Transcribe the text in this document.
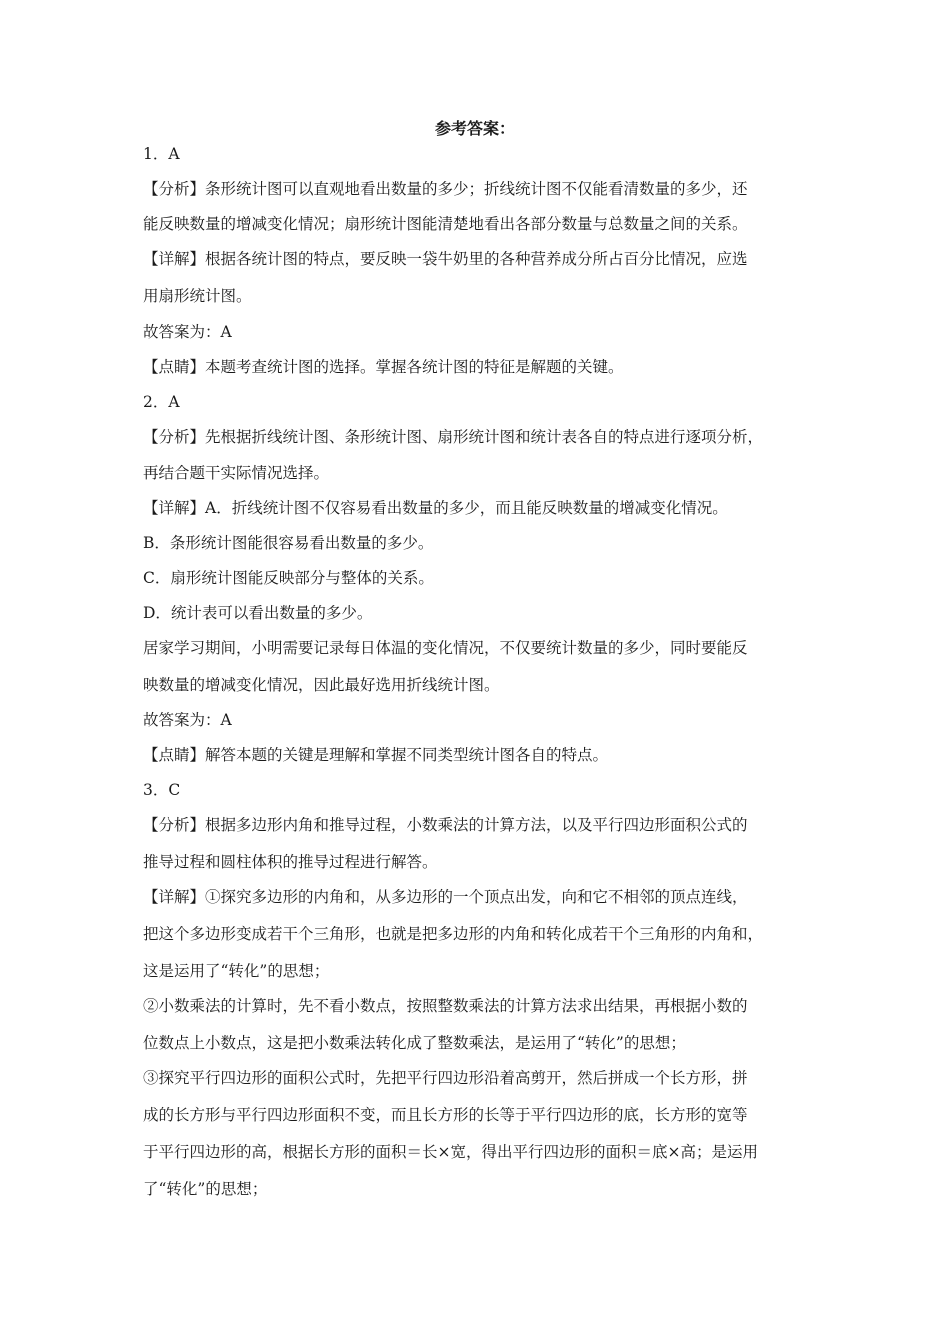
参考答案：
1．A
【分析】条形统计图可以直观地看出数量的多少；折线统计图不仅能看清数量的多少，还
能反映数量的增减变化情况；扇形统计图能清楚地看出各部分数量与总数量之间的关系。
【详解】根据各统计图的特点，要反映一袋牛奶里的各种营养成分所占百分比情况，应选
用扇形统计图。
故答案为：A
【点睛】本题考查统计图的选择。掌握各统计图的特征是解题的关键。
2．A
【分析】先根据折线统计图、条形统计图、扇形统计图和统计表各自的特点进行逐项分析，
再结合题干实际情况选择。
【详解】A．折线统计图不仅容易看出数量的多少，而且能反映数量的增减变化情况。
B．条形统计图能很容易看出数量的多少。
C．扇形统计图能反映部分与整体的关系。
D．统计表可以看出数量的多少。
居家学习期间，小明需要记录每日体温的变化情况，不仅要统计数量的多少，同时要能反
映数量的增减变化情况，因此最好选用折线统计图。
故答案为：A
【点睛】解答本题的关键是理解和掌握不同类型统计图各自的特点。
3．C
【分析】根据多边形内角和推导过程，小数乘法的计算方法，以及平行四边形面积公式的
推导过程和圆柱体积的推导过程进行解答。
【详解】①探究多边形的内角和，从多边形的一个顶点出发，向和它不相邻的顶点连线，
把这个多边形变成若干个三角形，也就是把多边形的内角和转化成若干个三角形的内角和，
这是运用了“转化”的思想；
②小数乘法的计算时，先不看小数点，按照整数乘法的计算方法求出结果，再根据小数的
位数点上小数点，这是把小数乘法转化成了整数乘法，是运用了“转化”的思想；
③探究平行四边形的面积公式时，先把平行四边形沿着高剪开，然后拼成一个长方形，拼
成的长方形与平行四边形面积不变，而且长方形的长等于平行四边形的底，长方形的宽等
于平行四边形的高，根据长方形的面积＝长×宽，得出平行四边形的面积＝底×高；是运用
了“转化”的思想；
